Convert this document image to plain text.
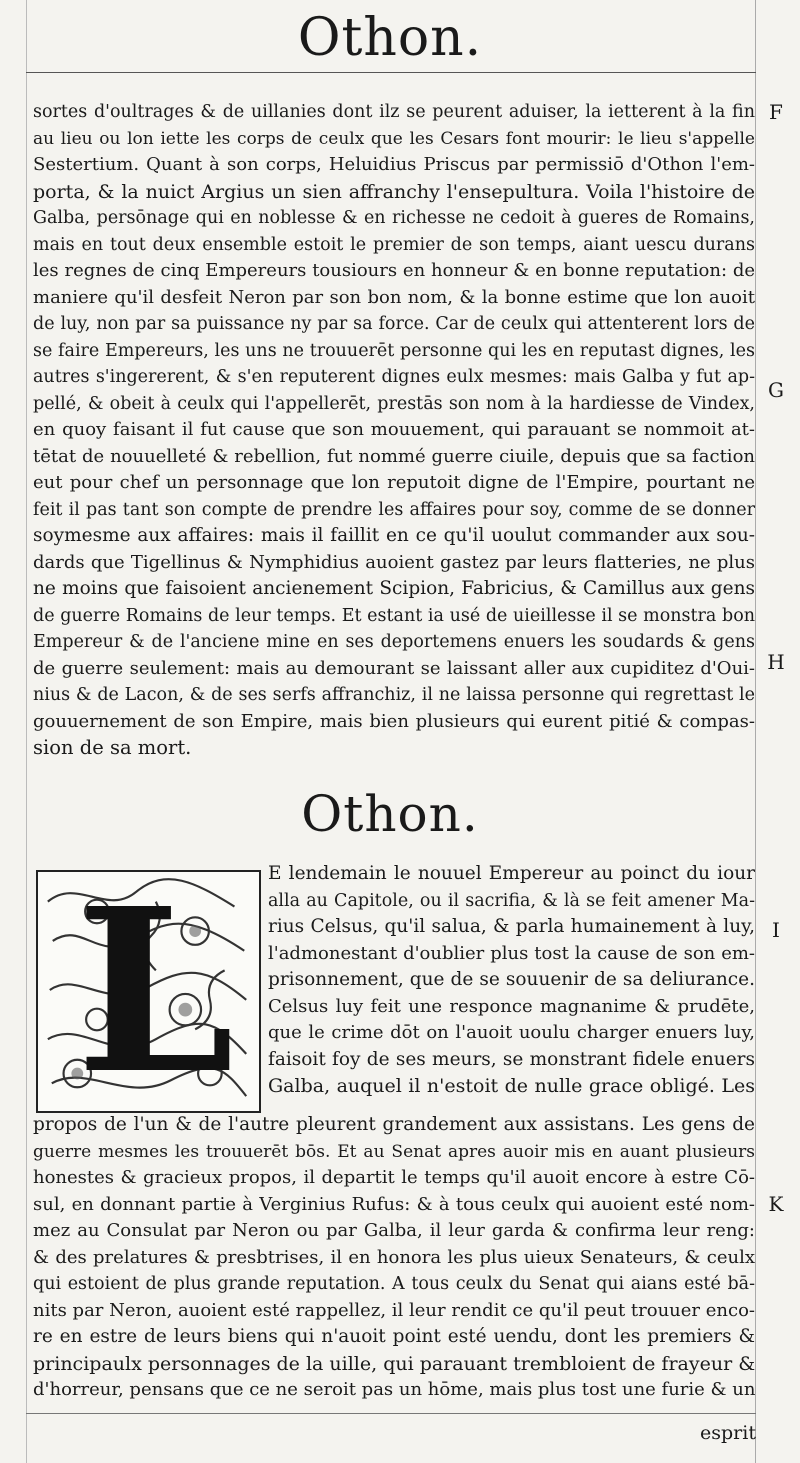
Othon.
sortes d'oultrages & de uillanies dont ilz se peurent aduiser, la ietterent à la fin
au lieu ou lon iette les corps de ceulx que les Cesars font mourir: le lieu s'appelle
Sestertium. Quant à son corps, Heluidius Priscus par permissiō d'Othon l'em-
porta, & la nuict Argius un sien affranchy l'ensepultura. Voila l'histoire de
Galba, persōnage qui en noblesse & en richesse ne cedoit à gueres de Romains,
mais en tout deux ensemble estoit le premier de son temps, aiant uescu durans
les regnes de cinq Empereurs tousiours en honneur & en bonne reputation: de
maniere qu'il desfeit Neron par son bon nom, & la bonne estime que lon auoit
de luy, non par sa puissance ny par sa force. Car de ceulx qui attenterent lors de
se faire Empereurs, les uns ne trouuerēt personne qui les en reputast dignes, les
autres s'ingererent, & s'en reputerent dignes eulx mesmes: mais Galba y fut ap-
pellé, & obeit à ceulx qui l'appellerēt, prestās son nom à la hardiesse de Vindex,
en quoy faisant il fut cause que son mouuement, qui parauant se nommoit at-
tētat de nouuelleté & rebellion, fut nommé guerre ciuile, depuis que sa faction
eut pour chef un personnage que lon reputoit digne de l'Empire, pourtant ne
feit il pas tant son compte de prendre les affaires pour soy, comme de se donner
soymesme aux affaires: mais il faillit en ce qu'il uoulut commander aux sou-
dards que Tigellinus & Nymphidius auoient gastez par leurs flatteries, ne plus
ne moins que faisoient ancienement Scipion, Fabricius, & Camillus aux gens
de guerre Romains de leur temps. Et estant ia usé de uieillesse il se monstra bon
Empereur & de l'anciene mine en ses deportemens enuers les soudards & gens
de guerre seulement: mais au demourant se laissant aller aux cupiditez d'Oui-
nius & de Lacon, & de ses serfs affranchiz, il ne laissa personne qui regrettast le
gouuernement de son Empire, mais bien plusieurs qui eurent pitié & compas-
sion de sa mort.
Othon.
L E lendemain le nouuel Empereur au poinct du iour
alla au Capitole, ou il sacrifia, & là se feit amener Ma-
rius Celsus, qu'il salua, & parla humainement à luy,
l'admonestant d'oublier plus tost la cause de son em-
prisonnement, que de se souuenir de sa deliurance.
Celsus luy feit une responce magnanime & prudēte,
que le crime dōt on l'auoit uoulu charger enuers luy,
faisoit foy de ses meurs, se monstrant fidele enuers
Galba, auquel il n'estoit de nulle grace obligé. Les
propos de l'un & de l'autre pleurent grandement aux assistans. Les gens de
guerre mesmes les trouuerēt bōs. Et au Senat apres auoir mis en auant plusieurs
honestes & gracieux propos, il departit le temps qu'il auoit encore à estre Cō-
sul, en donnant partie à Verginius Rufus: & à tous ceulx qui auoient esté nom-
mez au Consulat par Neron ou par Galba, il leur garda & confirma leur reng:
& des prelatures & presbtrises, il en honora les plus uieux Senateurs, & ceulx
qui estoient de plus grande reputation. A tous ceulx du Senat qui aians esté bā-
nits par Neron, auoient esté rappellez, il leur rendit ce qu'il peut trouuer enco-
re en estre de leurs biens qui n'auoit point esté uendu, dont les premiers &
principaulx personnages de la uille, qui parauant trembloient de frayeur &
d'horreur, pensans que ce ne seroit pas un hōme, mais plus tost une furie & un
F
G
H
I
K
esprit
